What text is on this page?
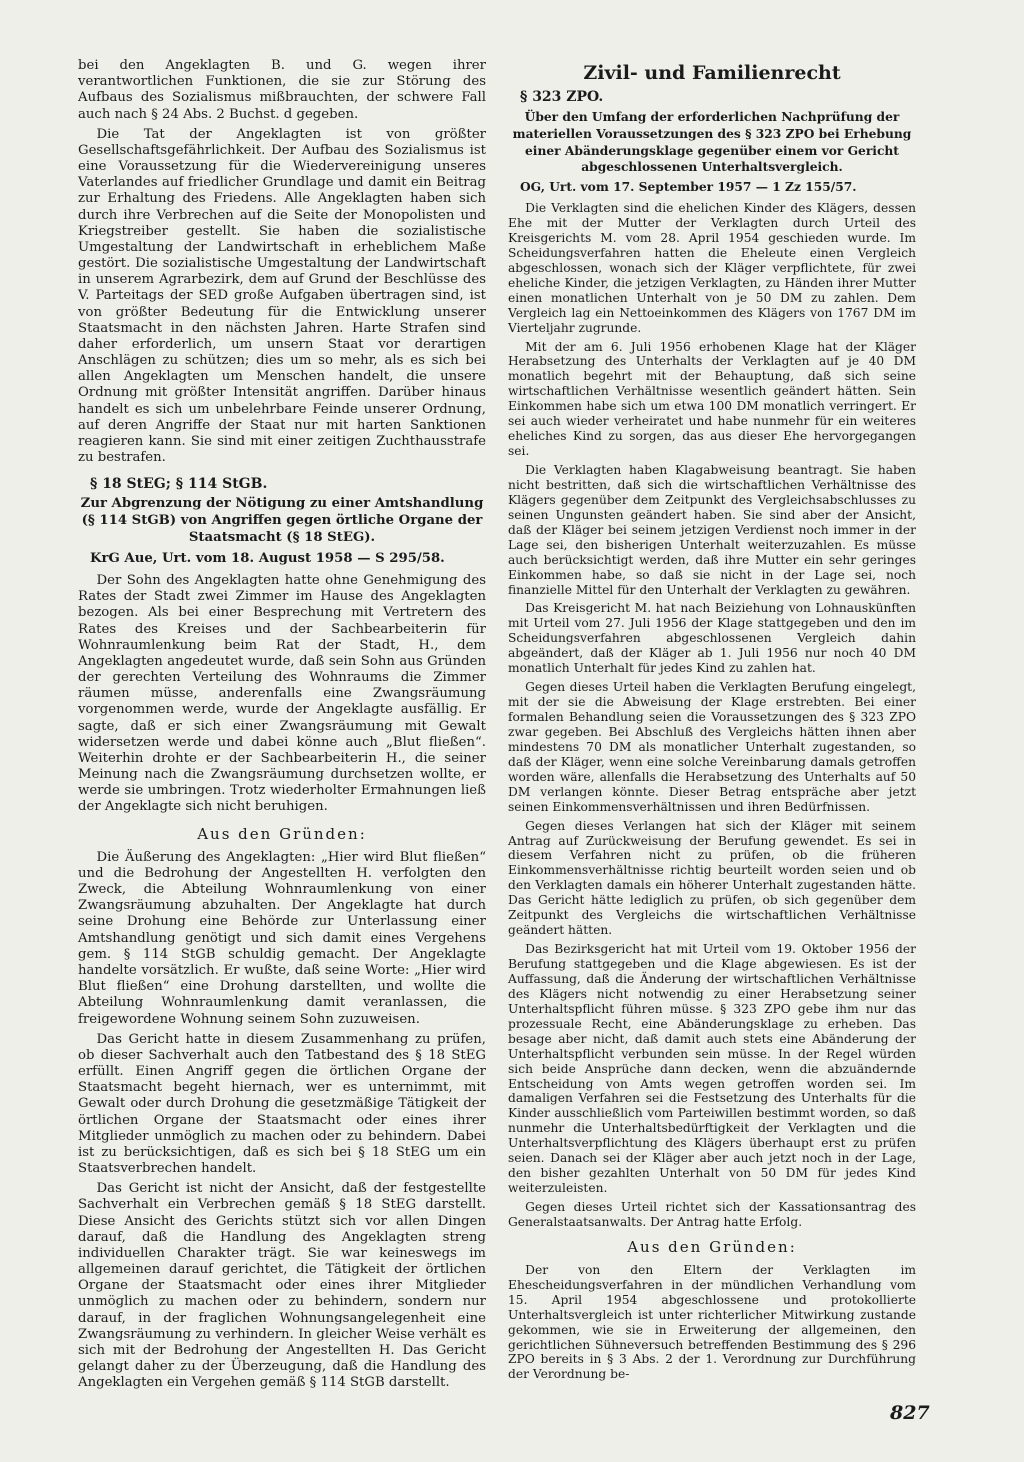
bei den Angeklagten B. und G. wegen ihrer verantwortlichen Funktionen, die sie zur Störung des Aufbaus des Sozialismus mißbrauchten, der schwere Fall auch nach § 24 Abs. 2 Buchst. d gegeben.

Die Tat der Angeklagten ist von größter Gesellschaftsgefährlichkeit. Der Aufbau des Sozialismus ist eine Voraussetzung für die Wiedervereinigung unseres Vaterlandes auf friedlicher Grundlage und damit ein Beitrag zur Erhaltung des Friedens. Alle Angeklagten haben sich durch ihre Verbrechen auf die Seite der Monopolisten und Kriegstreiber gestellt. Sie haben die sozialistische Umgestaltung der Landwirtschaft in erheblichem Maße gestört. Die sozialistische Umgestaltung der Landwirtschaft in unserem Agrarbezirk, dem auf Grund der Beschlüsse des V. Parteitags der SED große Aufgaben übertragen sind, ist von größter Bedeutung für die Entwicklung unserer Staatsmacht in den nächsten Jahren. Harte Strafen sind daher erforderlich, um unsern Staat vor derartigen Anschlägen zu schützen; dies um so mehr, als es sich bei allen Angeklagten um Menschen handelt, die unsere Ordnung mit größter Intensität angriffen. Darüber hinaus handelt es sich um unbelehrbare Feinde unserer Ordnung, auf deren Angriffe der Staat nur mit harten Sanktionen reagieren kann. Sie sind mit einer zeitigen Zuchthausstrafe zu bestrafen.

§ 18 StEG; § 114 StGB.
Zur Abgrenzung der Nötigung zu einer Amtshandlung (§ 114 StGB) von Angriffen gegen örtliche Organe der Staatsmacht (§ 18 StEG).
KrG Aue, Urt. vom 18. August 1958 — S 295/58.

Der Sohn des Angeklagten hatte ohne Genehmigung des Rates der Stadt zwei Zimmer im Hause des Angeklagten bezogen. Als bei einer Besprechung mit Vertretern des Rates des Kreises und der Sachbearbeiterin für Wohnraumlenkung beim Rat der Stadt, H., dem Angeklagten angedeutet wurde, daß sein Sohn aus Gründen der gerechten Verteilung des Wohnraums die Zimmer räumen müsse, anderenfalls eine Zwangsräumung vorgenommen werde, wurde der Angeklagte ausfällig. Er sagte, daß er sich einer Zwangsräumung mit Gewalt widersetzen werde und dabei könne auch „Blut fließen“. Weiterhin drohte er der Sachbearbeiterin H., die seiner Meinung nach die Zwangsräumung durchsetzen wollte, er werde sie umbringen. Trotz wiederholter Ermahnungen ließ der Angeklagte sich nicht beruhigen.

Aus den Gründen:

Die Äußerung des Angeklagten: „Hier wird Blut fließen“ und die Bedrohung der Angestellten H. verfolgten den Zweck, die Abteilung Wohnraumlenkung von einer Zwangsräumung abzuhalten. Der Angeklagte hat durch seine Drohung eine Behörde zur Unterlassung einer Amtshandlung genötigt und sich damit eines Vergehens gem. § 114 StGB schuldig gemacht. Der Angeklagte handelte vorsätzlich. Er wußte, daß seine Worte: „Hier wird Blut fließen“ eine Drohung darstellten, und wollte die Abteilung Wohnraumlenkung damit veranlassen, die freigewordene Wohnung seinem Sohn zuzuweisen.

Das Gericht hatte in diesem Zusammenhang zu prüfen, ob dieser Sachverhalt auch den Tatbestand des § 18 StEG erfüllt. Einen Angriff gegen die örtlichen Organe der Staatsmacht begeht hiernach, wer es unternimmt, mit Gewalt oder durch Drohung die gesetzmäßige Tätigkeit der örtlichen Organe der Staatsmacht oder eines ihrer Mitglieder unmöglich zu machen oder zu behindern. Dabei ist zu berücksichtigen, daß es sich bei § 18 StEG um ein Staatsverbrechen handelt.

Das Gericht ist nicht der Ansicht, daß der festgestellte Sachverhalt ein Verbrechen gemäß § 18 StEG darstellt. Diese Ansicht des Gerichts stützt sich vor allen Dingen darauf, daß die Handlung des Angeklagten streng individuellen Charakter trägt. Sie war keineswegs im allgemeinen darauf gerichtet, die Tätigkeit der örtlichen Organe der Staatsmacht oder eines ihrer Mitglieder unmöglich zu machen oder zu behindern, sondern nur darauf, in der fraglichen Wohnungsangelegenheit eine Zwangsräumung zu verhindern. In gleicher Weise verhält es sich mit der Bedrohung der Angestellten H. Das Gericht gelangt daher zu der Überzeugung, daß die Handlung des Angeklagten ein Vergehen gemäß § 114 StGB darstellt.

Zivil- und Familienrecht
§ 323 ZPO.
Über den Umfang der erforderlichen Nachprüfung der materiellen Voraussetzungen des § 323 ZPO bei Erhebung einer Abänderungsklage gegenüber einem vor Gericht abgeschlossenen Unterhaltsvergleich.
OG, Urt. vom 17. September 1957 — 1 Zz 155/57.

Die Verklagten sind die ehelichen Kinder des Klägers, dessen Ehe mit der Mutter der Verklagten durch Urteil des Kreisgerichts M. vom 28. April 1954 geschieden wurde. Im Scheidungsverfahren hatten die Eheleute einen Vergleich abgeschlossen, wonach sich der Kläger verpflichtete, für zwei eheliche Kinder, die jetzigen Verklagten, zu Händen ihrer Mutter einen monatlichen Unterhalt von je 50 DM zu zahlen. Dem Vergleich lag ein Nettoeinkommen des Klägers von 1767 DM im Vierteljahr zugrunde.

Mit der am 6. Juli 1956 erhobenen Klage hat der Kläger Herabsetzung des Unterhalts der Verklagten auf je 40 DM monatlich begehrt mit der Behauptung, daß sich seine wirtschaftlichen Verhältnisse wesentlich geändert hätten. Sein Einkommen habe sich um etwa 100 DM monatlich verringert. Er sei auch wieder verheiratet und habe nunmehr für ein weiteres eheliches Kind zu sorgen, das aus dieser Ehe hervorgegangen sei.

Die Verklagten haben Klagabweisung beantragt. Sie haben nicht bestritten, daß sich die wirtschaftlichen Verhältnisse des Klägers gegenüber dem Zeitpunkt des Vergleichsabschlusses zu seinen Ungunsten geändert haben. Sie sind aber der Ansicht, daß der Kläger bei seinem jetzigen Verdienst noch immer in der Lage sei, den bisherigen Unterhalt weiterzuzahlen. Es müsse auch berücksichtigt werden, daß ihre Mutter ein sehr geringes Einkommen habe, so daß sie nicht in der Lage sei, noch finanzielle Mittel für den Unterhalt der Verklagten zu gewähren.

Das Kreisgericht M. hat nach Beiziehung von Lohnauskünften mit Urteil vom 27. Juli 1956 der Klage stattgegeben und den im Scheidungsverfahren abgeschlossenen Vergleich dahin abgeändert, daß der Kläger ab 1. Juli 1956 nur noch 40 DM monatlich Unterhalt für jedes Kind zu zahlen hat.

Gegen dieses Urteil haben die Verklagten Berufung eingelegt, mit der sie die Abweisung der Klage erstrebten. Bei einer formalen Behandlung seien die Voraussetzungen des § 323 ZPO zwar gegeben. Bei Abschluß des Vergleichs hätten ihnen aber mindestens 70 DM als monatlicher Unterhalt zugestanden, so daß der Kläger, wenn eine solche Vereinbarung damals getroffen worden wäre, allenfalls die Herabsetzung des Unterhalts auf 50 DM verlangen könnte. Dieser Betrag entspräche aber jetzt seinen Einkommensverhältnissen und ihren Bedürfnissen.

Gegen dieses Verlangen hat sich der Kläger mit seinem Antrag auf Zurückweisung der Berufung gewendet. Es sei in diesem Verfahren nicht zu prüfen, ob die früheren Einkommensverhältnisse richtig beurteilt worden seien und ob den Verklagten damals ein höherer Unterhalt zugestanden hätte. Das Gericht hätte lediglich zu prüfen, ob sich gegenüber dem Zeitpunkt des Vergleichs die wirtschaftlichen Verhältnisse geändert hätten.

Das Bezirksgericht hat mit Urteil vom 19. Oktober 1956 der Berufung stattgegeben und die Klage abgewiesen. Es ist der Auffassung, daß die Änderung der wirtschaftlichen Verhältnisse des Klägers nicht notwendig zu einer Herabsetzung seiner Unterhaltspflicht führen müsse. § 323 ZPO gebe ihm nur das prozessuale Recht, eine Abänderungsklage zu erheben. Das besage aber nicht, daß damit auch stets eine Abänderung der Unterhaltspflicht verbunden sein müsse. In der Regel würden sich beide Ansprüche dann decken, wenn die abzuändernde Entscheidung von Amts wegen getroffen worden sei. Im damaligen Verfahren sei die Festsetzung des Unterhalts für die Kinder ausschließlich vom Parteiwillen bestimmt worden, so daß nunmehr die Unterhaltsbedürftigkeit der Verklagten und die Unterhaltsverpflichtung des Klägers überhaupt erst zu prüfen seien. Danach sei der Kläger aber auch jetzt noch in der Lage, den bisher gezahlten Unterhalt von 50 DM für jedes Kind weiterzuleisten.

Gegen dieses Urteil richtet sich der Kassationsantrag des Generalstaatsanwalts. Der Antrag hatte Erfolg.

Aus den Gründen:

Der von den Eltern der Verklagten im Ehescheidungsverfahren in der mündlichen Verhandlung vom 15. April 1954 abgeschlossene und protokollierte Unterhaltsvergleich ist unter richterlicher Mitwirkung zustande gekommen, wie sie in Erweiterung der allgemeinen, den gerichtlichen Sühneversuch betreffenden Bestimmung des § 296 ZPO bereits in § 3 Abs. 2 der 1. Verordnung zur Durchführung der Verordnung be-

827
